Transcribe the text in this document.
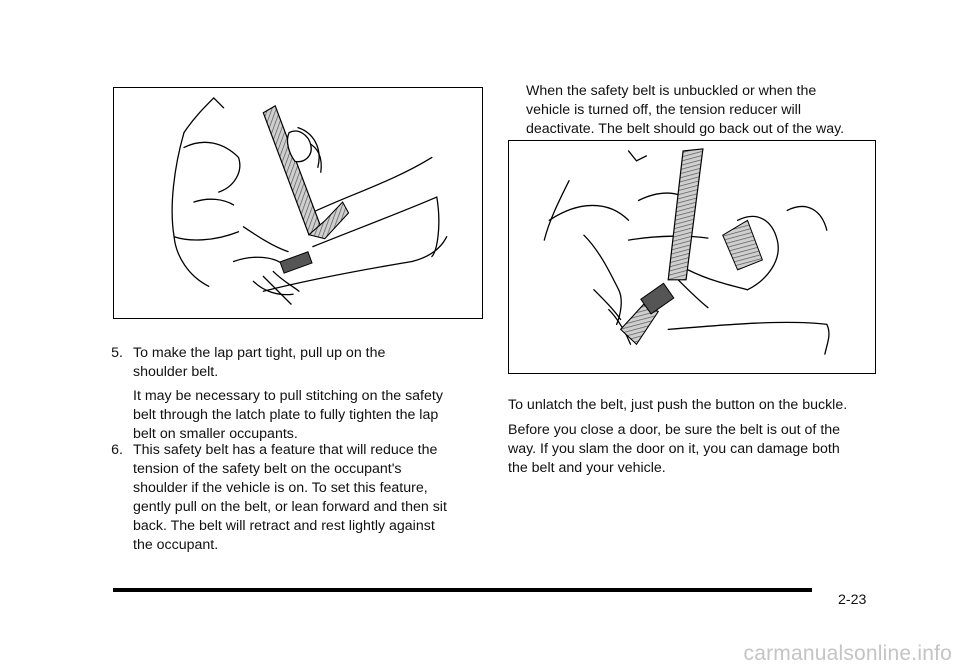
5. To make the lap part tight, pull up on the
shoulder belt.
It may be necessary to pull stitching on the safety
belt through the latch plate to fully tighten the lap
belt on smaller occupants.
6. This safety belt has a feature that will reduce the
tension of the safety belt on the occupant's
shoulder if the vehicle is on. To set this feature,
gently pull on the belt, or lean forward and then sit
back. The belt will retract and rest lightly against
the occupant.
When the safety belt is unbuckled or when the
vehicle is turned off, the tension reducer will
deactivate. The belt should go back out of the way.
To unlatch the belt, just push the button on the buckle.
Before you close a door, be sure the belt is out of the
way. If you slam the door on it, you can damage both
the belt and your vehicle.
2-23
carmanualsonline.info
